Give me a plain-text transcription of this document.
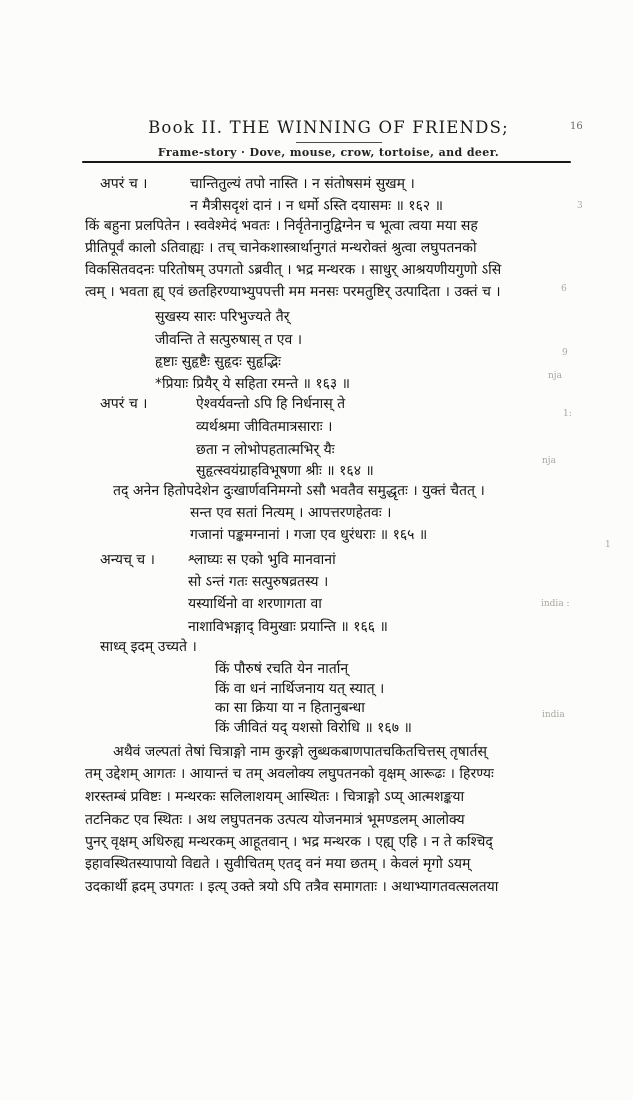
Book II. THE WINNING OF FRIENDS;
Frame-story · Dove, mouse, crow, tortoise, and deer.
16
अपरं च ।	चान्तितुल्यं तपो नास्ति । न संतोषसमं सुखम् ।
न मैत्रीसदृशं दानं । न धर्मो ऽस्ति दयासमः ॥ १६२ ॥
किं बहुना प्रलपितेन । स्ववेश्मेदं भवतः । निर्वृतेनानुद्विग्नेन च भूत्वा त्वया मया सह
प्रीतिपूर्वं कालो ऽतिवाह्यः । तच् चानेकशास्त्रार्थानुगतं मन्थरोक्तं श्रुत्वा लघुपतनको
विकसितवदनः परितोषम् उपगतो ऽब्रवीत् । भद्र मन्थरक । साधुर् आश्रयणीयगुणो ऽसि
त्वम् । भवता ह्य् एवं छतहिरण्याभ्युपपत्ती मम मनसः परमतुष्टिर् उत्पादिता । उक्तं च ।
सुखस्य सारः परिभुज्यते तैर्
जीवन्ति ते सत्पुरुषास् त एव ।
हृष्टाः सुहृष्टैः सुहृदः सुहृद्भिः
*प्रियाः प्रियैर् ये सहिता रमन्ते ॥ १६३ ॥
अपरं च ।	ऐश्वर्यवन्तो ऽपि हि निर्धनास् ते
व्यर्थश्रमा जीवितमात्रसाराः ।
छता न लोभोपहतात्मभिर् यैः
सुहृत्स्वयंग्राहविभूषणा श्रीः ॥ १६४ ॥
तद् अनेन हितोपदेशेन दुःखार्णवनिमग्नो ऽसौ भवतैव समुद्धृतः । युक्तं चैतत् ।
सन्त एव सतां नित्यम् । आपत्तरणहेतवः ।
गजानां पङ्कमग्नानां । गजा एव धुरंधराः ॥ १६५ ॥
अन्यच् च । श्लाघ्यः स एको भुवि मानवानां
सो ऽन्तं गतः सत्पुरुषव्रतस्य ।
यस्यार्थिनो वा शरणागता वा
नाशाविभङ्गाद् विमुखाः प्रयान्ति ॥ १६६ ॥
साध्व् इदम् उच्यते ।
किं पौरुषं रचति येन नार्तान्
किं वा धनं नार्थिजनाय यत् स्यात् ।
का सा क्रिया या न हितानुबन्धा
किं जीवितं यद् यशसो विरोधि ॥ १६७ ॥
अथैवं जल्पतां तेषां चित्राङ्गो नाम कुरङ्गो लुब्धकबाणपातचकितचित्तस् तृषार्तस्
तम् उद्देशम् आगतः । आयान्तं च तम् अवलोक्य लघुपतनको वृक्षम् आरूढः । हिरण्यः
शरस्तम्बं प्रविष्टः । मन्थरकः सलिलाशयम् आस्थितः । चित्राङ्गो ऽप्य् आत्मशङ्कया
तटनिकट एव स्थितः । अथ लघुपतनक उत्पत्य योजनमात्रं भूमण्डलम् आलोक्य
पुनर् वृक्षम् अधिरुह्य मन्थरकम् आहूतवान् । भद्र मन्थरक । एह्य् एहि । न ते कश्चिद्
इहावस्थितस्यापायो विद्यते । सुवीचितम् एतद् वनं मया छतम् । केवलं मृगो ऽयम्
उदकार्थी ह्रदम् उपगतः । इत्य् उक्ते त्रयो ऽपि तत्रैव समागताः । अथाभ्यागतवत्सलतया
3
6
9
nja
1:
nja
1
india :
india
